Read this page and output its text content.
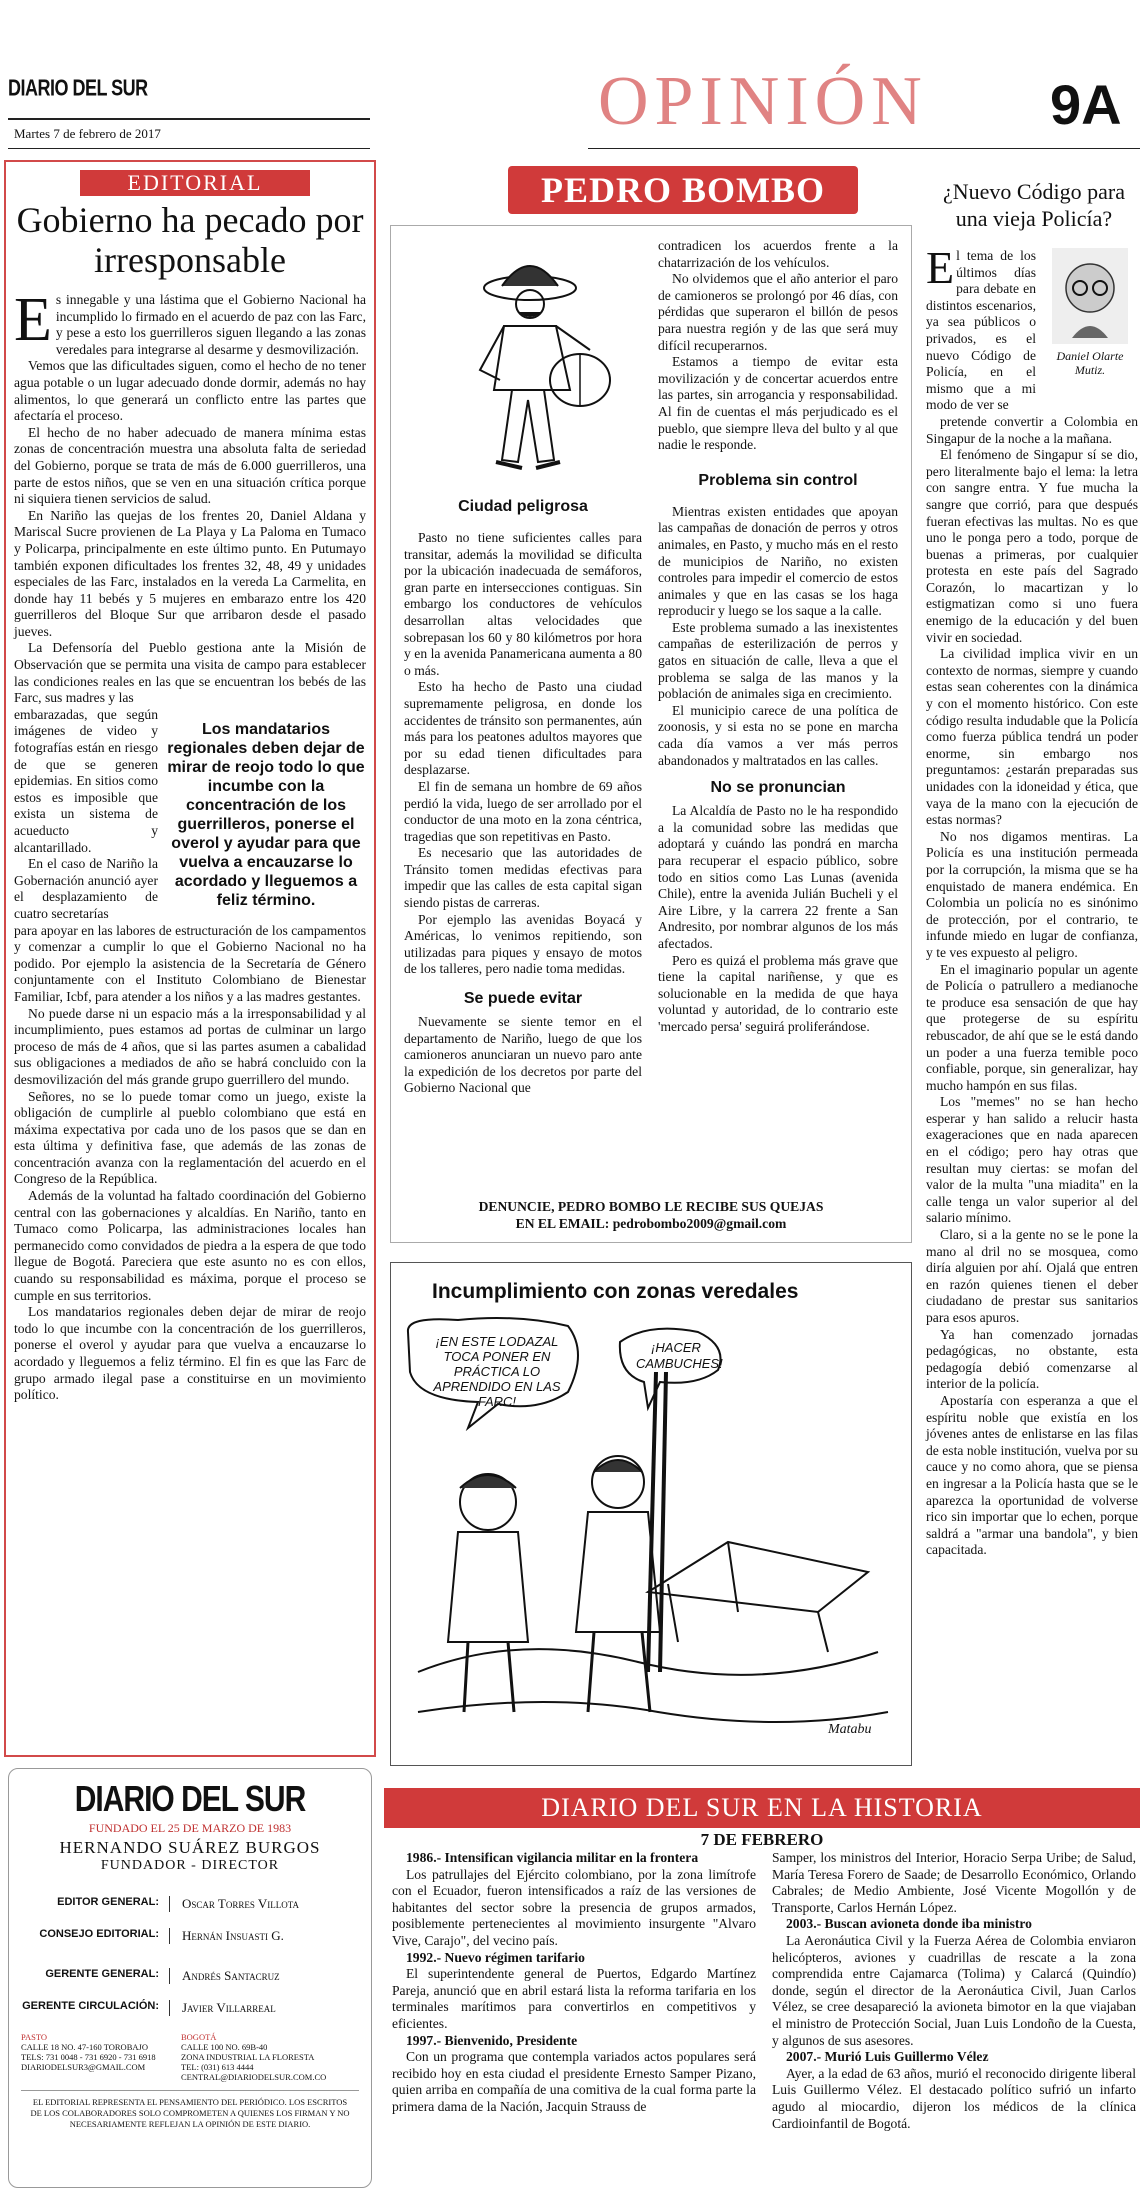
DIARIO DEL SUR
Martes 7 de febrero de 2017	OPINIÓN 9A
EDITORIAL
Gobierno ha pecado por irresponsable
E s innegable y una lástima que el Gobierno Nacional ha incumplido lo firmado en el acuerdo de paz con las Farc, y pese a esto los guerrilleros siguen llegando a las zonas veredales para integrarse al desarme y desmovilización.

Vemos que las dificultades siguen, como el hecho de no tener agua potable o un lugar adecuado donde dormir, además no hay alimentos, lo que generará un conflicto entre las partes que afectaría el proceso.

El hecho de no haber adecuado de manera mínima estas zonas de concentración muestra una absoluta falta de seriedad del Gobierno, porque se trata de más de 6.000 guerrilleros, una parte de estos niños, que se ven en una situación crítica porque ni siquiera tienen servicios de salud.

En Nariño las quejas de los frentes 20, Daniel Aldana y Mariscal Sucre provienen de La Playa y La Paloma en Tumaco y Policarpa, principalmente en este último punto. En Putumayo también exponen dificultades los frentes 32, 48, 49 y unidades especiales de las Farc, instalados en la vereda La Carmelita, en donde hay 11 bebés y 5 mujeres en embarazo entre los 420 guerrilleros del Bloque Sur que arribaron desde el pasado jueves.

La Defensoría del Pueblo gestiona ante la Misión de Observación que se permita una visita de campo para establecer las condiciones reales en las que se encuentran los bebés de las Farc, sus madres y las

embarazadas, que según imágenes de video y fotografías están en riesgo de que se generen epidemias. En sitios como estos es imposible que exista un sistema de acueducto y alcantarillado.

En el caso de Nariño la Gobernación anunció ayer el desplazamiento de cuatro secretarías

Los mandatarios regionales deben dejar de mirar de reojo todo lo que incumbe con la concentración de los guerrilleros, ponerse el overol y ayudar para que vuelva a encauzarse lo acordado y lleguemos a feliz término.

para apoyar en las labores de estructuración de los campamentos y comenzar a cumplir lo que el Gobierno Nacional no ha podido. Por ejemplo la asistencia de la Secretaría de Género conjuntamente con el Instituto Colombiano de Bienestar Familiar, Icbf, para atender a los niños y a las madres gestantes.

No puede darse ni un espacio más a la irresponsabilidad y al incumplimiento, pues estamos ad portas de culminar un largo proceso de más de 4 años, que si las partes asumen a cabalidad sus obligaciones a mediados de año se habrá concluido con la desmovilización del más grande grupo guerrillero del mundo.

Señores, no se lo puede tomar como un juego, existe la obligación de cumplirle al pueblo colombiano que está en máxima expectativa por cada uno de los pasos que se dan en esta última y definitiva fase, que además de las zonas de concentración avanza con la reglamentación del acuerdo en el Congreso de la República.

Además de la voluntad ha faltado coordinación del Gobierno central con las gobernaciones y alcaldías. En Nariño, tanto en Tumaco como Policarpa, las administraciones locales han permanecido como convidados de piedra a la espera de que todo llegue de Bogotá. Pareciera que este asunto no es con ellos, cuando su responsabilidad es máxima, porque el proceso se cumple en sus territorios.

Los mandatarios regionales deben dejar de mirar de reojo todo lo que incumbe con la concentración de los guerrilleros, ponerse el overol y ayudar para que vuelva a encauzarse lo acordado y lleguemos a feliz término. El fin es que las Farc de grupo armado ilegal pase a constituirse en un movimiento político.

DIARIO DEL SUR
FUNDADO EL 25 DE MARZO DE 1983
HERNANDO SUÁREZ BURGOS
FUNDADOR - DIRECTOR
EDITOR GENERAL:	Oscar Torres Villota
CONSEJO EDITORIAL:	Hernán Insuasti G.
GERENTE GENERAL:	Andrés Santacruz
GERENTE CIRCULACIÓN:	Javier Villarreal
PASTO
CALLE 18 NO. 47-160 TOROBAJO
TELS: 731 0048 - 731 6920 - 731 6918
DIARIODELSUR3@GMAIL.COM
BOGOTÁ
CALLE 100 NO. 69B-40
ZONA INDUSTRIAL LA FLORESTA
TEL: (031) 613 4444
CENTRAL@DIARIODELSUR.COM.CO
EL EDITORIAL REPRESENTA EL PENSAMIENTO DEL PERIÓDICO. LOS ESCRITOS DE LOS COLABORADORES SOLO COMPROMETEN A QUIENES LOS FIRMAN Y NO NECESARIAMENTE REFLEJAN LA OPINIÓN DE ESTE DIARIO.
PEDRO BOMBO
Ciudad peligrosa

Pasto no tiene suficientes calles para transitar, además la movilidad se dificulta por la ubicación inadecuada de semáforos, gran parte en intersecciones contiguas. Sin embargo los conductores de vehículos desarrollan altas velocidades que sobrepasan los 60 y 80 kilómetros por hora y en la avenida Panamericana aumenta a 80 o más.

Esto ha hecho de Pasto una ciudad supremamente peligrosa, en donde los accidentes de tránsito son permanentes, aún más para los peatones adultos mayores que por su edad tienen dificultades para desplazarse.

El fin de semana un hombre de 69 años perdió la vida, luego de ser arrollado por el conductor de una moto en la zona céntrica, tragedias que son repetitivas en Pasto.

Es necesario que las autoridades de Tránsito tomen medidas efectivas para impedir que las calles de esta capital sigan siendo pistas de carreras.

Por ejemplo las avenidas Boyacá y Américas, lo venimos repitiendo, son utilizadas para piques y ensayo de motos de los talleres, pero nadie toma medidas.

Se puede evitar

Nuevamente se siente temor en el departamento de Nariño, luego de que los camioneros anunciaran un nuevo paro ante la expedición de los decretos por parte del Gobierno Nacional que

contradicen los acuerdos frente a la chatarrización de los vehículos.

No olvidemos que el año anterior el paro de camioneros se prolongó por 46 días, con pérdidas que superaron el billón de pesos para nuestra región y de las que será muy difícil recuperarnos.

Estamos a tiempo de evitar esta movilización y de concertar acuerdos entre las partes, sin arrogancia y responsabilidad. Al fin de cuentas el más perjudicado es el pueblo, que siempre lleva del bulto y al que nadie le responde.

Problema sin control

Mientras existen entidades que apoyan las campañas de donación de perros y otros animales, en Pasto, y mucho más en el resto de municipios de Nariño, no existen controles para impedir el comercio de estos animales y que en las casas se los haga reproducir y luego se los saque a la calle.

Este problema sumado a las inexistentes campañas de esterilización de perros y gatos en situación de calle, lleva a que el problema se salga de las manos y la población de animales siga en crecimiento.

El municipio carece de una política de zoonosis, y si esta no se pone en marcha cada día vamos a ver más perros abandonados y maltratados en las calles.

No se pronuncian

La Alcaldía de Pasto no le ha respondido a la comunidad sobre las medidas que adoptará y cuándo las pondrá en marcha para recuperar el espacio público, sobre todo en sitios como Las Lunas (avenida Chile), entre la avenida Julián Bucheli y el Aire Libre, y la carrera 22 frente a San Andresito, por nombrar algunos de los más afectados.

Pero es quizá el problema más grave que tiene la capital nariñense, y que es solucionable en la medida de que haya voluntad y autoridad, de lo contrario este 'mercado persa' seguirá proliferándose.

DENUNCIE, PEDRO BOMBO LE RECIBE SUS QUEJAS
EN EL EMAIL: pedrobombo2009@gmail.com
Incumplimiento con zonas veredales
¡EN ESTE LODAZAL TOCA PONER EN PRÁCTICA LO APRENDIDO EN LAS FARC!
¡HACER CAMBUCHES!
Matabu
¿Nuevo Código para una vieja Policía?
Daniel Olarte Mutiz.
E l tema de los últimos días para debate en distintos escenarios, ya sea públicos o privados, es el nuevo Código de Policía, en el mismo que a mi modo de ver se

pretende convertir a Colombia en Singapur de la noche a la mañana.

El fenómeno de Singapur sí se dio, pero literalmente bajo el lema: la letra con sangre entra. Y fue mucha la sangre que corrió, para que después fueran efectivas las multas. No es que uno le ponga pero a todo, porque de buenas a primeras, por cualquier protesta en este país del Sagrado Corazón, lo macartizan y lo estigmatizan como si uno fuera enemigo de la educación y del buen vivir en sociedad.

La civilidad implica vivir en un contexto de normas, siempre y cuando estas sean coherentes con la dinámica y con el momento histórico. Con este código resulta indudable que la Policía como fuerza pública tendrá un poder enorme, sin embargo nos preguntamos: ¿estarán preparadas sus unidades con la idoneidad y ética, que vaya de la mano con la ejecución de estas normas?

No nos digamos mentiras. La Policía es una institución permeada por la corrupción, la misma que se ha enquistado de manera endémica. En Colombia un policía no es sinónimo de protección, por el contrario, te infunde miedo en lugar de confianza, y te ves expuesto al peligro.

En el imaginario popular un agente de Policía o patrullero a medianoche te produce esa sensación de que hay que protegerse de su espíritu rebuscador, de ahí que se le está dando un poder a una fuerza temible poco confiable, porque, sin generalizar, hay mucho hampón en sus filas.

Los "memes" no se han hecho esperar y han salido a relucir hasta exageraciones que en nada aparecen en el código; pero hay otras que resultan muy ciertas: se mofan del valor de la multa "una miadita" en la calle tenga un valor superior al del salario mínimo.

Claro, si a la gente no se le pone la mano al dril no se mosquea, como diría alguien por ahí. Ojalá que entren en razón quienes tienen el deber ciudadano de prestar sus sanitarios para esos apuros.

Ya han comenzado jornadas pedagógicas, no obstante, esta pedagogía debió comenzarse al interior de la policía.

Apostaría con esperanza a que el espíritu noble que existía en los jóvenes antes de enlistarse en las filas de esta noble institución, vuelva por su cauce y no como ahora, que se piensa en ingresar a la Policía hasta que se le aparezca la oportunidad de volverse rico sin importar que lo echen, porque saldrá a "armar una bandola", y bien capacitada.

DIARIO DEL SUR EN LA HISTORIA
7 DE FEBRERO

1986.- Intensifican vigilancia militar en la frontera

Los patrullajes del Ejército colombiano, por la zona limítrofe con el Ecuador, fueron intensificados a raíz de las versiones de habitantes del sector sobre la presencia de grupos armados, posiblemente pertenecientes al movimiento insurgente "Alvaro Vive, Carajo", del vecino país.

1992.- Nuevo régimen tarifario

El superintendente general de Puertos, Edgardo Martínez Pareja, anunció que en abril estará lista la reforma tarifaria en los terminales marítimos para convertirlos en competitivos y eficientes.

1997.- Bienvenido, Presidente

Con un programa que contempla variados actos populares será recibido hoy en esta ciudad el presidente Ernesto Samper Pizano, quien arriba en compañía de una comitiva de la cual forma parte la primera dama de la Nación, Jacquin Strauss de

Samper, los ministros del Interior, Horacio Serpa Uribe; de Salud, María Teresa Forero de Saade; de Desarrollo Económico, Orlando Cabrales; de Medio Ambiente, José Vicente Mogollón y de Transporte, Carlos Hernán López.

2003.- Buscan avioneta donde iba ministro

La Aeronáutica Civil y la Fuerza Aérea de Colombia enviaron helicópteros, aviones y cuadrillas de rescate a la zona comprendida entre Cajamarca (Tolima) y Calarcá (Quindío) donde, según el director de la Aeronáutica Civil, Juan Carlos Vélez, se cree desapareció la avioneta bimotor en la que viajaban el ministro de Protección Social, Juan Luis Londoño de la Cuesta, y algunos de sus asesores.

2007.- Murió Luis Guillermo Vélez

Ayer, a la edad de 63 años, murió el reconocido dirigente liberal Luis Guillermo Vélez. El destacado político sufrió un infarto agudo al miocardio, dijeron los médicos de la clínica Cardioinfantil de Bogotá.
